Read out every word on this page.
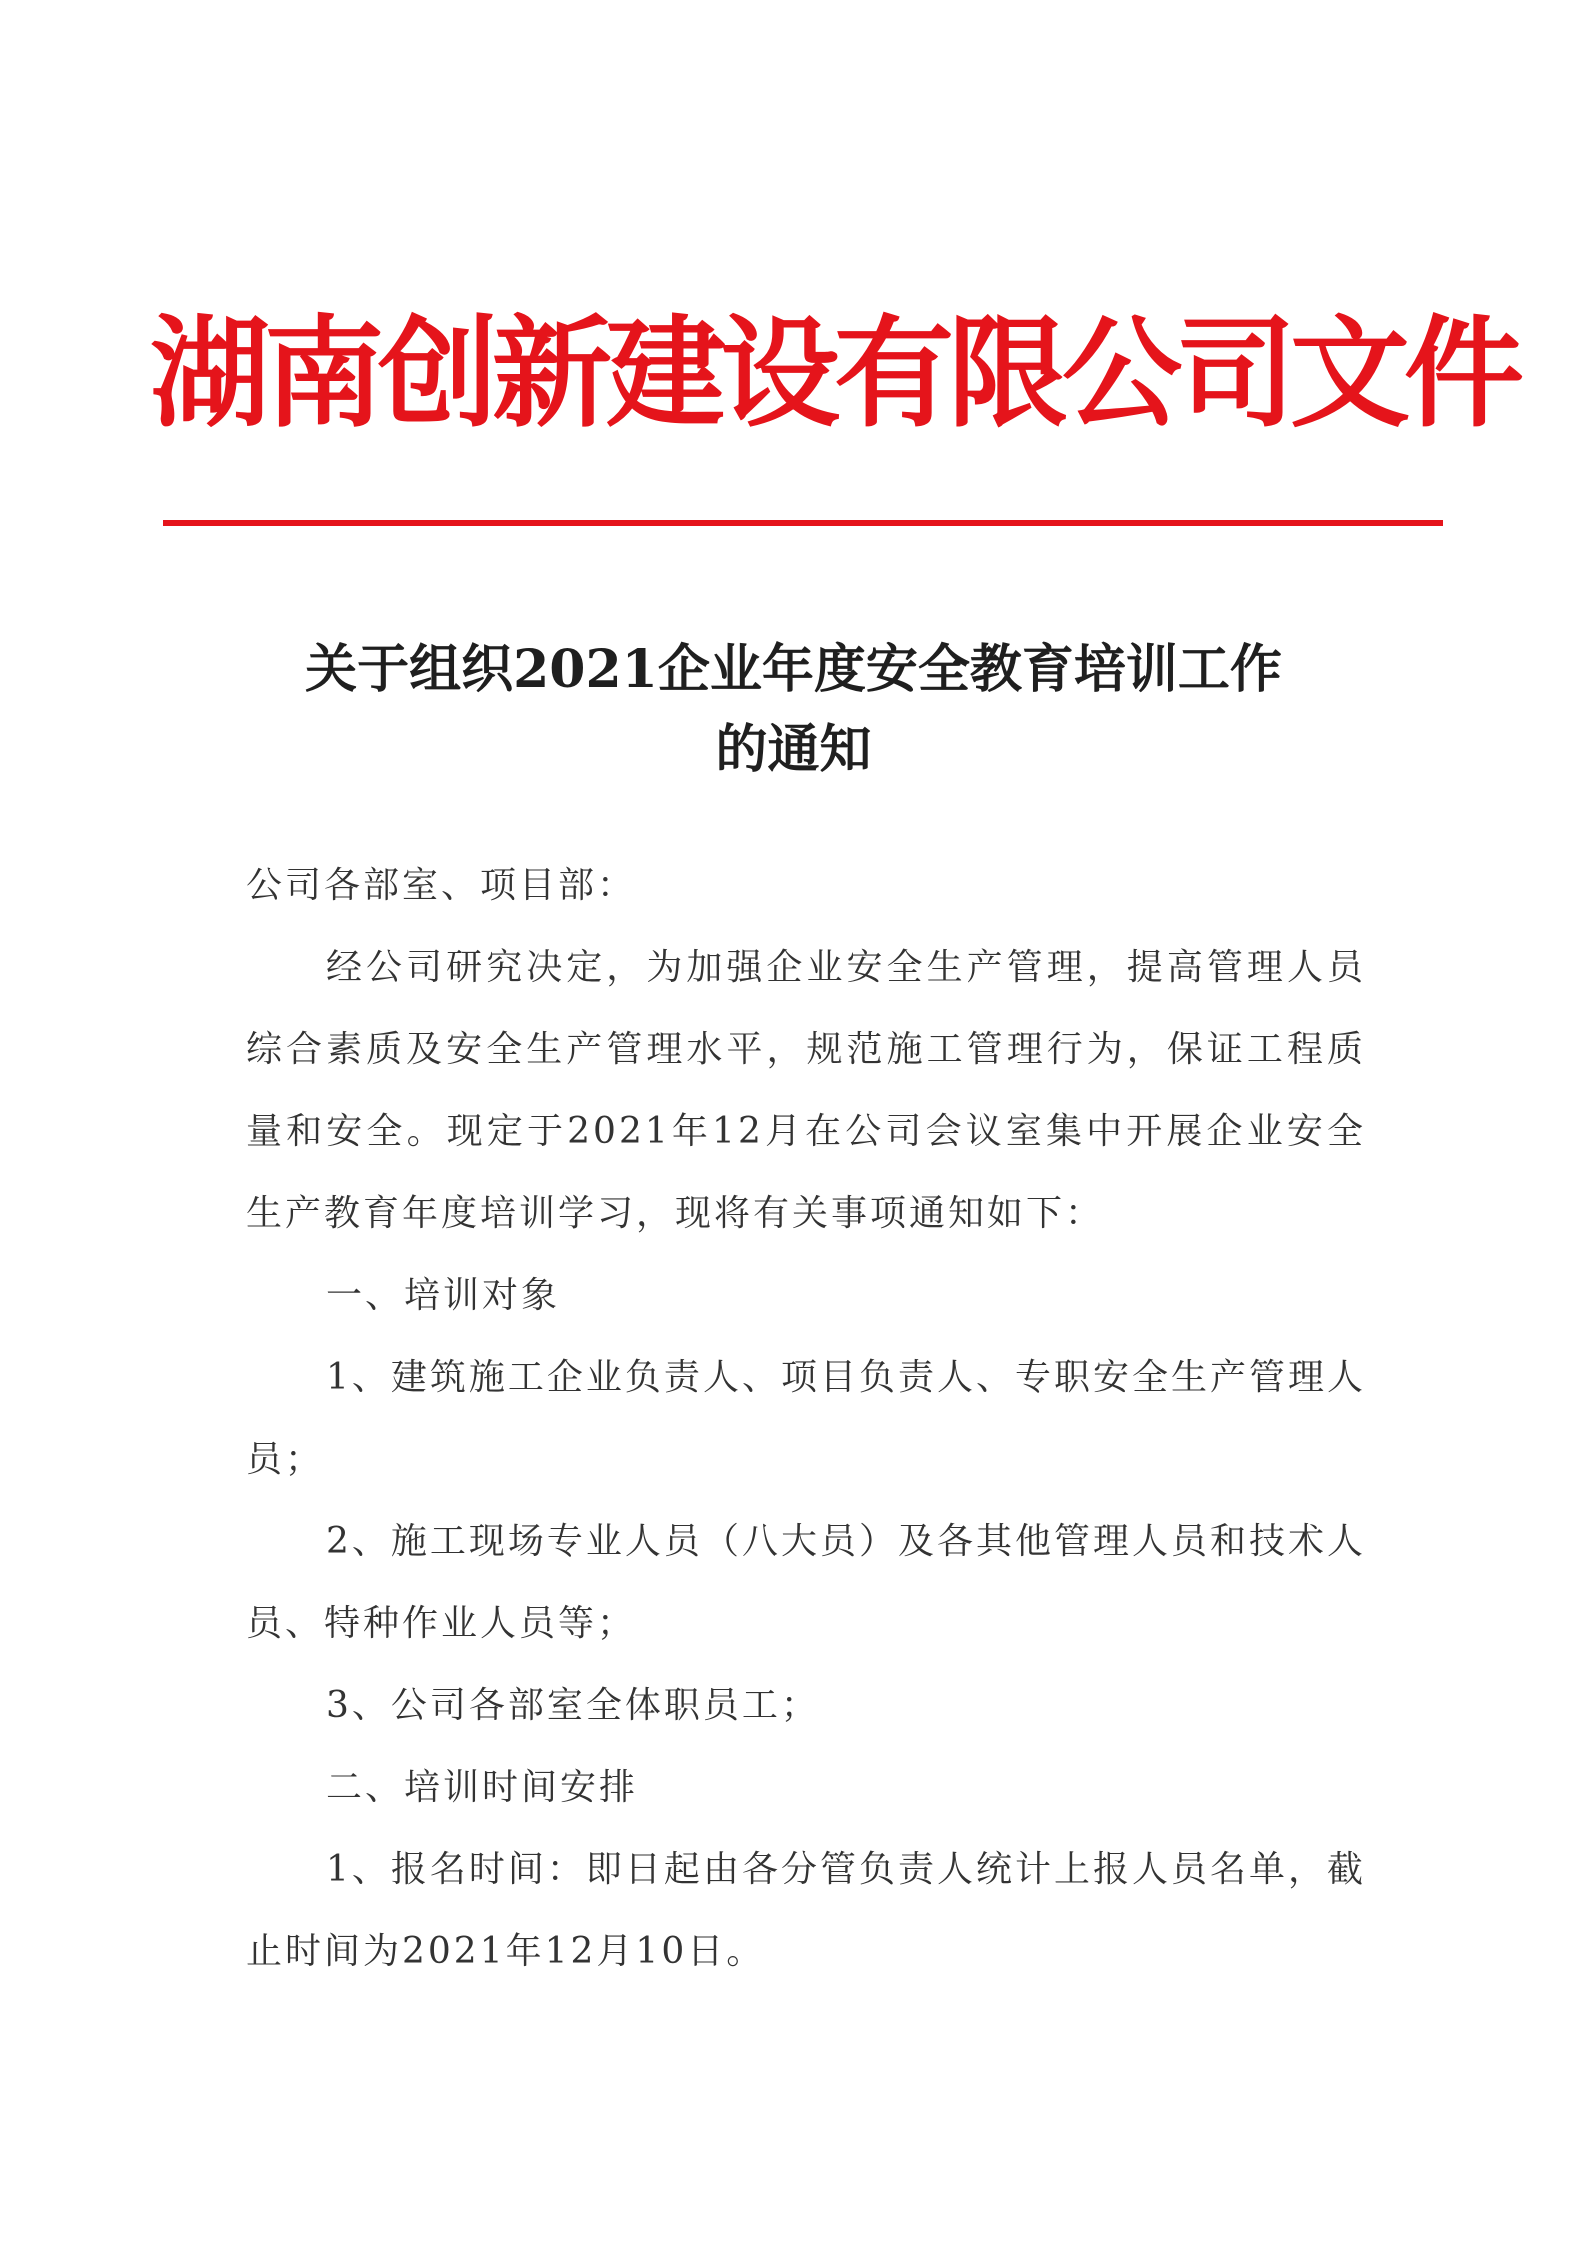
湖南创新建设有限公司文件
关于组织2021企业年度安全教育培训工作
的通知

公司各部室、项目部：

经公司研究决定，为加强企业安全生产管理，提高管理人员综合素质及安全生产管理水平，规范施工管理行为，保证工程质量和安全。现定于2021年12月在公司会议室集中开展企业安全生产教育年度培训学习，现将有关事项通知如下：

一、培训对象

1、建筑施工企业负责人、项目负责人、专职安全生产管理人员；

2、施工现场专业人员（八大员）及各其他管理人员和技术人员、特种作业人员等；

3、公司各部室全体职员工；

二、培训时间安排

1、报名时间：即日起由各分管负责人统计上报人员名单，截止时间为2021年12月10日。
